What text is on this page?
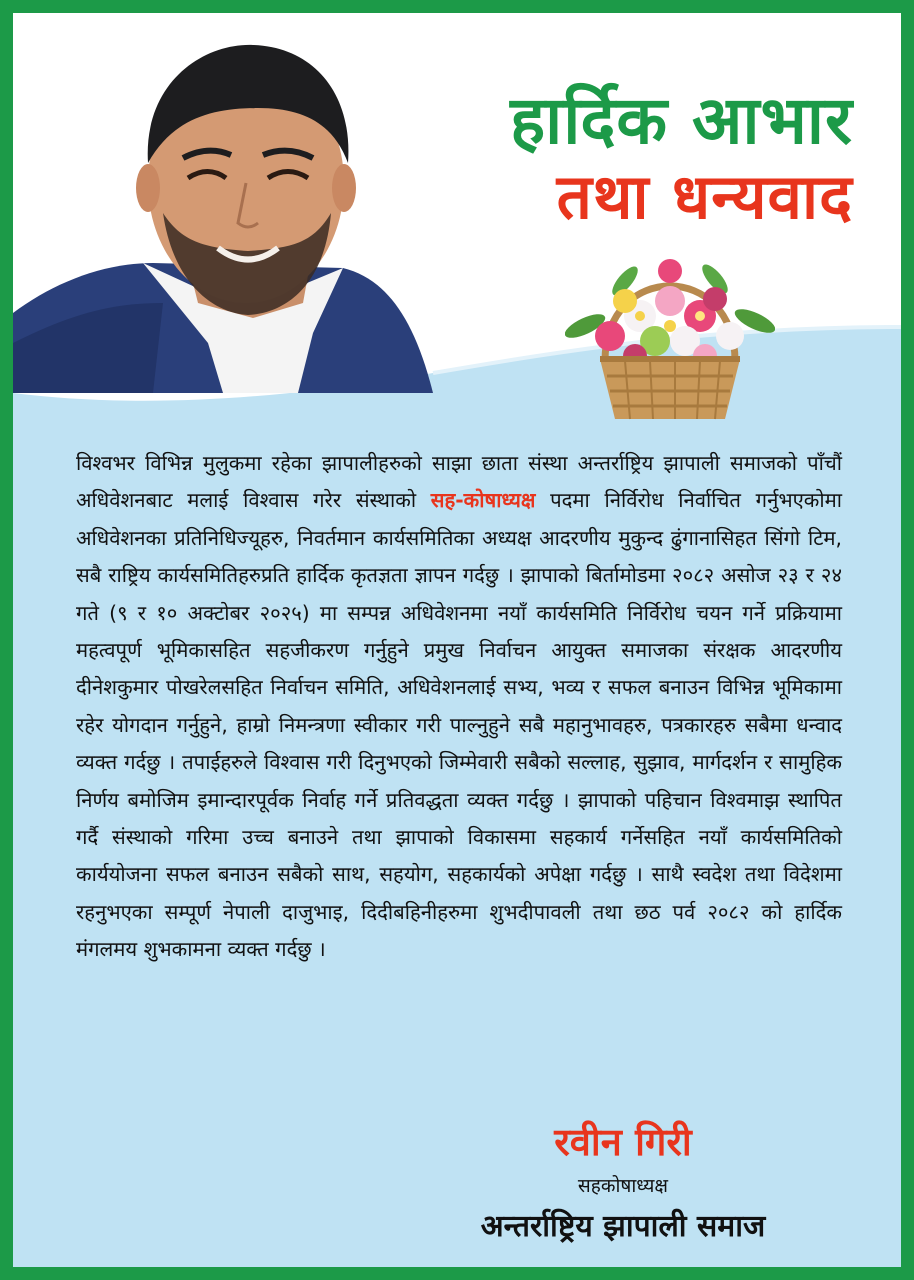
हार्दिक आभार
तथा धन्यवाद

विश्वभर विभिन्न मुलुकमा रहेका झापालीहरुको साझा छाता संस्था अन्तर्राष्ट्रिय झापाली समाजको पाँचौं अधिवेशनबाट मलाई विश्वास गरेर संस्थाको सह-कोषाध्यक्ष पदमा निर्विरोध निर्वाचित गर्नुभएकोमा अधिवेशनका प्रतिनिधिज्यूहरु, निवर्तमान कार्यसमितिका अध्यक्ष आदरणीय मुकुन्द ढुंगानासिहत सिंगो टिम, सबै राष्ट्रिय कार्यसमितिहरुप्रति हार्दिक कृतज्ञता ज्ञापन गर्दछु । झापाको बिर्तामोडमा २०८२ असोज २३ र २४ गते (९ र १० अक्टोबर २०२५) मा सम्पन्न अधिवेशनमा नयाँ कार्यसमिति निर्विरोध चयन गर्ने प्रक्रियामा महत्वपूर्ण भूमिकासहित सहजीकरण गर्नुहुने प्रमुख निर्वाचन आयुक्त समाजका संरक्षक आदरणीय दीनेशकुमार पोखरेलसहित निर्वाचन समिति, अधिवेशनलाई सभ्य, भव्य र सफल बनाउन विभिन्न भूमिकामा रहेर योगदान गर्नुहुने, हाम्रो निमन्त्रणा स्वीकार गरी पाल्नुहुने सबै महानुभावहरु, पत्रकारहरु सबैमा धन्वाद व्यक्त गर्दछु । तपाईहरुले विश्वास गरी दिनुभएको जिम्मेवारी सबैको सल्लाह, सुझाव, मार्गदर्शन र सामुहिक निर्णय बमोजिम इमान्दारपूर्वक निर्वाह गर्ने प्रतिवद्धता व्यक्त गर्दछु । झापाको पहिचान विश्वमाझ स्थापित गर्दै संस्थाको गरिमा उच्च बनाउने तथा झापाको विकासमा सहकार्य गर्नेसहित नयाँ कार्यसमितिको कार्ययोजना सफल बनाउन सबैको साथ, सहयोग, सहकार्यको अपेक्षा गर्दछु । साथै स्वदेश तथा विदेशमा रहनुभएका सम्पूर्ण नेपाली दाजुभाइ, दिदीबहिनीहरुमा शुभदीपावली तथा छठ पर्व २०८२ को हार्दिक मंगलमय शुभकामना व्यक्त गर्दछु ।

रवीन गिरी

सहकोषाध्यक्ष

अन्तर्राष्ट्रिय झापाली समाज
